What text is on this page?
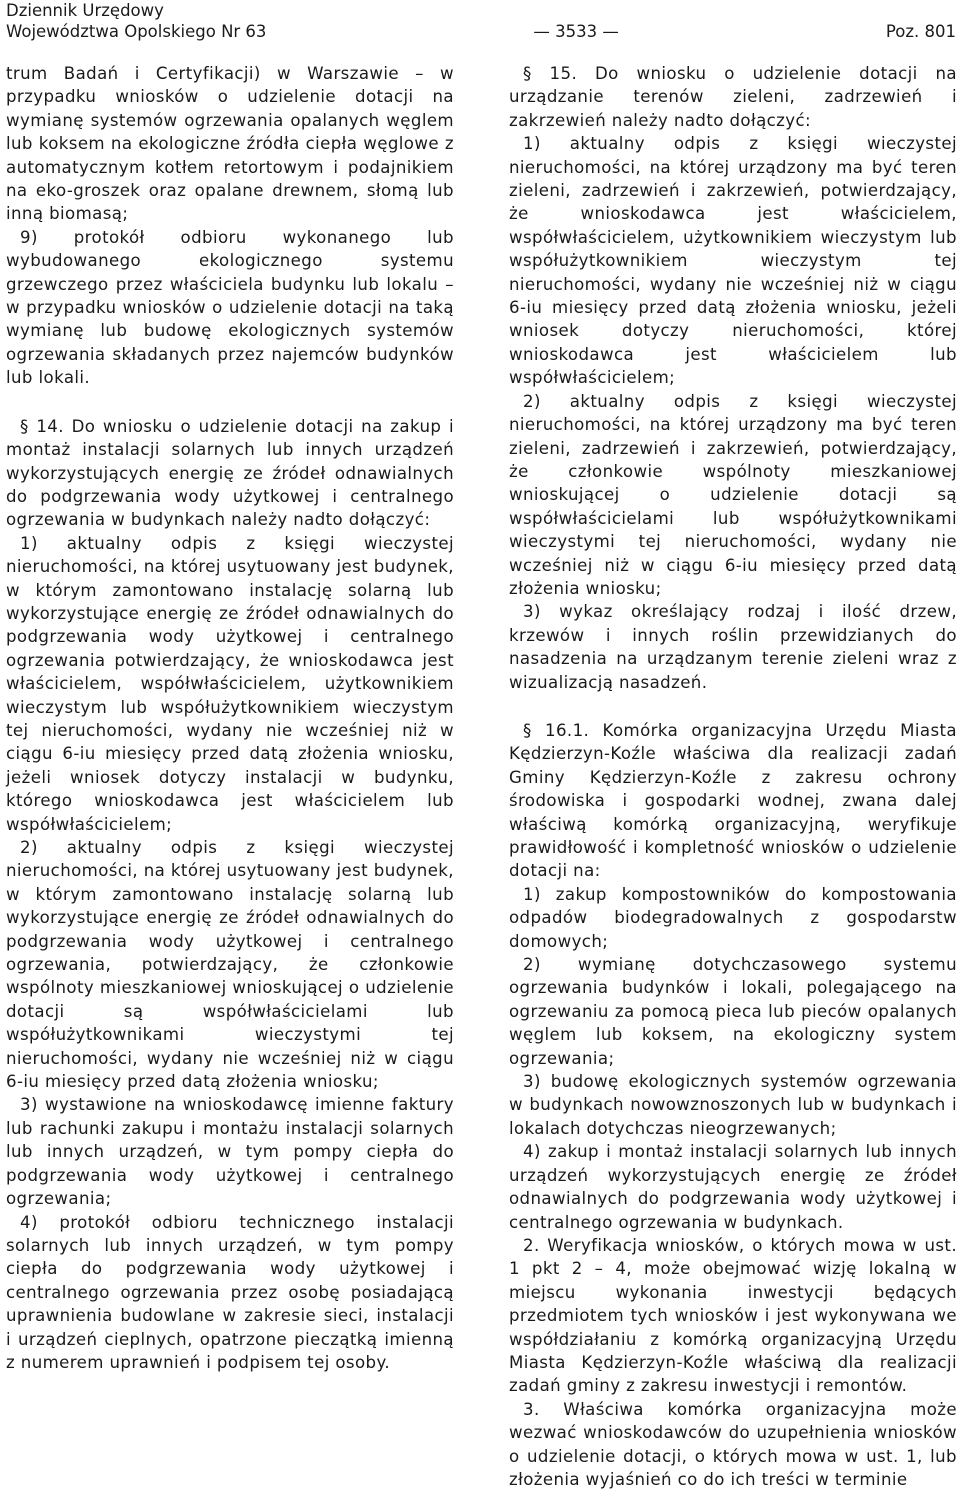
Dziennik Urzędowy
Województwa Opolskiego Nr 63	— 3533 —	Poz. 801

trum Badań i Certyfikacji) w Warszawie – w przypadku wniosków o udzielenie dotacji na wymianę systemów ogrzewania opalanych węglem lub koksem na ekologiczne źródła ciepła węglowe z automatycznym kotłem retortowym i podajnikiem na eko-groszek oraz opalane drewnem, słomą lub inną biomasą;

9) protokół odbioru wykonanego lub wybudowanego ekologicznego systemu grzewczego przez właściciela budynku lub lokalu – w przypadku wniosków o udzielenie dotacji na taką wymianę lub budowę ekologicznych systemów ogrzewania składanych przez najemców budynków lub lokali.

§ 14. Do wniosku o udzielenie dotacji na zakup i montaż instalacji solarnych lub innych urządzeń wykorzystujących energię ze źródeł odnawialnych do podgrzewania wody użytkowej i centralnego ogrzewania w budynkach należy nadto dołączyć:

1) aktualny odpis z księgi wieczystej nieruchomości, na której usytuowany jest budynek, w którym zamontowano instalację solarną lub wykorzystujące energię ze źródeł odnawialnych do podgrzewania wody użytkowej i centralnego ogrzewania potwierdzający, że wnioskodawca jest właścicielem, współwłaścicielem, użytkownikiem wieczystym lub współużytkownikiem wieczystym tej nieruchomości, wydany nie wcześniej niż w ciągu 6-iu miesięcy przed datą złożenia wniosku, jeżeli wniosek dotyczy instalacji w budynku, którego wnioskodawca jest właścicielem lub współwłaścicielem;

2) aktualny odpis z księgi wieczystej nieruchomości, na której usytuowany jest budynek, w którym zamontowano instalację solarną lub wykorzystujące energię ze źródeł odnawialnych do podgrzewania wody użytkowej i centralnego ogrzewania, potwierdzający, że członkowie wspólnoty mieszkaniowej wnioskującej o udzielenie dotacji są współwłaścicielami lub współużytkownikami wieczystymi tej nieruchomości, wydany nie wcześniej niż w ciągu 6-iu miesięcy przed datą złożenia wniosku;

3) wystawione na wnioskodawcę imienne faktury lub rachunki zakupu i montażu instalacji solarnych lub innych urządzeń, w tym pompy ciepła do podgrzewania wody użytkowej i centralnego ogrzewania;

4) protokół odbioru technicznego instalacji solarnych lub innych urządzeń, w tym pompy ciepła do podgrzewania wody użytkowej i centralnego ogrzewania przez osobę posiadającą uprawnienia budowlane w zakresie sieci, instalacji i urządzeń cieplnych, opatrzone pieczątką imienną z numerem uprawnień i podpisem tej osoby.

§ 15. Do wniosku o udzielenie dotacji na urządzanie terenów zieleni, zadrzewień i zakrzewień należy nadto dołączyć:

1) aktualny odpis z księgi wieczystej nieruchomości, na której urządzony ma być teren zieleni, zadrzewień i zakrzewień, potwierdzający, że wnioskodawca jest właścicielem, współwłaścicielem, użytkownikiem wieczystym lub współużytkownikiem wieczystym tej nieruchomości, wydany nie wcześniej niż w ciągu 6-iu miesięcy przed datą złożenia wniosku, jeżeli wniosek dotyczy nieruchomości, której wnioskodawca jest właścicielem lub współwłaścicielem;

2) aktualny odpis z księgi wieczystej nieruchomości, na której urządzony ma być teren zieleni, zadrzewień i zakrzewień, potwierdzający, że członkowie wspólnoty mieszkaniowej wnioskującej o udzielenie dotacji są współwłaścicielami lub współużytkownikami wieczystymi tej nieruchomości, wydany nie wcześniej niż w ciągu 6-iu miesięcy przed datą złożenia wniosku;

3) wykaz określający rodzaj i ilość drzew, krzewów i innych roślin przewidzianych do nasadzenia na urządzanym terenie zieleni wraz z wizualizacją nasadzeń.

§ 16.1. Komórka organizacyjna Urzędu Miasta Kędzierzyn-Koźle właściwa dla realizacji zadań Gminy Kędzierzyn-Koźle z zakresu ochrony środowiska i gospodarki wodnej, zwana dalej właściwą komórką organizacyjną, weryfikuje prawidłowość i kompletność wniosków o udzielenie dotacji na:

1) zakup kompostowników do kompostowania odpadów biodegradowalnych z gospodarstw domowych;

2) wymianę dotychczasowego systemu ogrzewania budynków i lokali, polegającego na ogrzewaniu za pomocą pieca lub pieców opalanych węglem lub koksem, na ekologiczny system ogrzewania;

3) budowę ekologicznych systemów ogrzewania w budynkach nowowznoszonych lub w budynkach i lokalach dotychczas nieogrzewanych;

4) zakup i montaż instalacji solarnych lub innych urządzeń wykorzystujących energię ze źródeł odnawialnych do podgrzewania wody użytkowej i centralnego ogrzewania w budynkach.

2. Weryfikacja wniosków, o których mowa w ust. 1 pkt 2 – 4, może obejmować wizję lokalną w miejscu wykonania inwestycji będących przedmiotem tych wniosków i jest wykonywana we współdziałaniu z komórką organizacyjną Urzędu Miasta Kędzierzyn-Koźle właściwą dla realizacji zadań gminy z zakresu inwestycji i remontów.

3. Właściwa komórka organizacyjna może wezwać wnioskodawców do uzupełnienia wniosków o udzielenie dotacji, o których mowa w ust. 1, lub złożenia wyjaśnień co do ich treści w terminie
